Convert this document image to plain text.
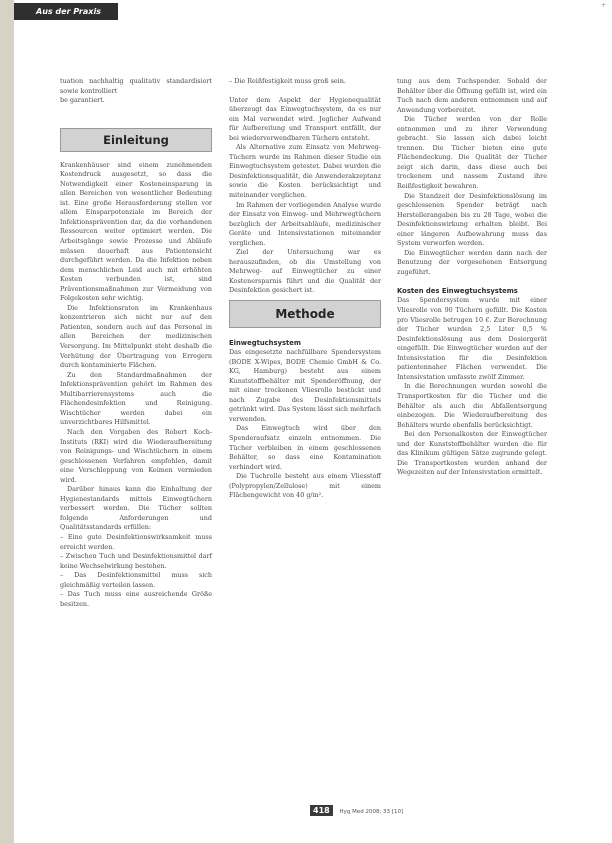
Aus der Praxis
+

tuation nachhaltig qualitativ standardisiert sowie kontrolliert

be garantiert.

Einleitung

Krankenhäuser sind einem zunehmenden Kostendruck ausgesetzt, so dass die Notwendigkeit einer Kosteneinsparung in allen Bereichen von wesentlicher Bedeutung ist. Eine große Herausforderung stellen vor allem Einsparpotenziale im Bereich der Infektionsprävention dar, da die vorhandenen Ressourcen weiter optimiert werden. Die Arbeitsgänge sowie Prozesse und Abläufe müssen dauerhaft aus Patientensicht durchgeführt werden. Da die Infektion neben dem menschlichen Leid auch mit erhöhten Kosten verbunden ist, sind Präventionsmaßnahmen zur Vermeidung von Folgekosten sehr wichtig.

Die Infektionsraten im Krankenhaus konzentrieren sich nicht nur auf den Patienten, sondern auch auf das Personal in allen Bereichen der medizinischen Versorgung. Im Mittelpunkt steht deshalb die Verhütung der Übertragung von Erregern durch kontaminierte Flächen.

Zu den Standardmaßnahmen der Infektionsprävention gehört im Rahmen des Multibarrierensystems auch die Flächendesinfektion und Reinigung. Wischtücher werden dabei ein unverzichtbares Hilfsmittel.

Nach den Vorgaben des Robert Koch-Instituts (RKI) wird die Wiederaufbereitung von Reinigungs- und Wischtüchern in einem geschlossenen Verfahren empfohlen, damit eine Verschleppung von Keimen vermieden wird.

Darüber hinaus kann die Einhaltung der Hygienestandards mittels Einwegtüchern verbessert werden. Die Tücher sollten folgende Anforderungen und Qualitätsstandards erfüllen:

– Eine gute Desinfektionswirksamkeit muss erreicht werden.

– Zwischen Tuch und Desinfektionsmittel darf keine Wechselwirkung bestehen.

– Das Desinfektionsmittel muss sich gleichmäßig verteilen lassen.

– Das Tuch muss eine ausreichende Größe besitzen.

– Die Reißfestigkeit muss groß sein.

Unter dem Aspekt der Hygienequalität überzeugt das Einwegtuchsystem, da es nur ein Mal verwendet wird. Jeglicher Aufwand für Aufbereitung und Transport entfällt, der bei wiederverwendbaren Tüchern entsteht.

Als Alternative zum Einsatz von Mehrweg-Tüchern wurde im Rahmen dieser Studie ein Einwegtuchsystem getestet. Dabei wurden die Desinfektionsqualität, die Anwenderakzeptanz sowie die Kosten berücksichtigt und miteinander verglichen.

Im Rahmen der vorliegenden Analyse wurde der Einsatz von Einweg- und Mehrwegtüchern bezüglich der Arbeitsabläufe, medizinischer Geräte und Intensivstationen miteinander verglichen.

Ziel der Untersuchung war es herauszufinden, ob die Umstellung von Mehrweg- auf Einwegtücher zu einer Kostenersparnis führt und die Qualität der Desinfektion gesichert ist.

Methode

Einwegtuchsystem

Das eingesetzte nachfüllbare Spendersystem (BODE X-Wipes, BODE Chemie GmbH & Co. KG, Hamburg) besteht aus einem Kunststoffbehälter mit Spenderöffnung, der mit einer trockenen Vliesrolle bestückt und nach Zugabe des Desinfektionsmittels getränkt wird. Das System lässt sich mehrfach verwenden.

Das Einwegtuch wird über den Spenderaufsatz einzeln entnommen. Die Tücher verbleiben in einem geschlossenen Behälter, so dass eine Kontamination verhindert wird.

Die Tuchrolle besteht aus einem Vliesstoff (Polypropylen/Zellulose) mit einem Flächengewicht von 40 g/m².

tung aus dem Tuchspender. Sobald der Behälter über die Öffnung gefüllt ist, wird ein Tuch nach dem anderen entnommen und auf Anwendung vorbereitet.

Die Tücher werden von der Rolle entnommen und zu ihrer Verwendung gebracht. Sie lassen sich dabei leicht trennen. Die Tücher bieten eine gute Flächendeckung. Die Qualität der Tücher zeigt sich darin, dass diese auch bei trockenem und nassem Zustand ihre Reißfestigkeit bewahren.

Die Standzeit der Desinfektionslösung im geschlossenen Spender beträgt nach Herstellerangaben bis zu 28 Tage, wobei die Desinfektionswirkung erhalten bleibt. Bei einer längeren Aufbewahrung muss das System verworfen werden.

Die Einwegtücher werden dann nach der Benutzung der vorgesehenen Entsorgung zugeführt.

Kosten des Einwegtuchsystems

Das Spendersystem wurde mit einer Vliesrolle von 90 Tüchern gefüllt. Die Kosten pro Vliesrolle betrugen 10 €. Zur Berechnung der Tücher wurden 2,5 Liter 0,5 % Desinfektionslösung aus dem Dosiergerät eingefüllt. Die Einwegtücher wurden auf der Intensivstation für die Desinfektion patientennaher Flächen verwendet. Die Intensivstation umfasste zwölf Zimmer.

In die Berechnungen wurden sowohl die Transportkosten für die Tücher und die Behälter als auch die Abfallentsorgung einbezogen. Die Wiederaufbereitung des Behälters wurde ebenfalls berücksichtigt.

Bei den Personalkosten der Einwegtücher und der Kunststoffbehälter wurden die für das Klinikum gültigen Sätze zugrunde gelegt. Die Transportkosten wurden anhand der Wegezeiten auf der Intensivstation ermittelt.

418 Hyg Med 2008; 33 [10]
